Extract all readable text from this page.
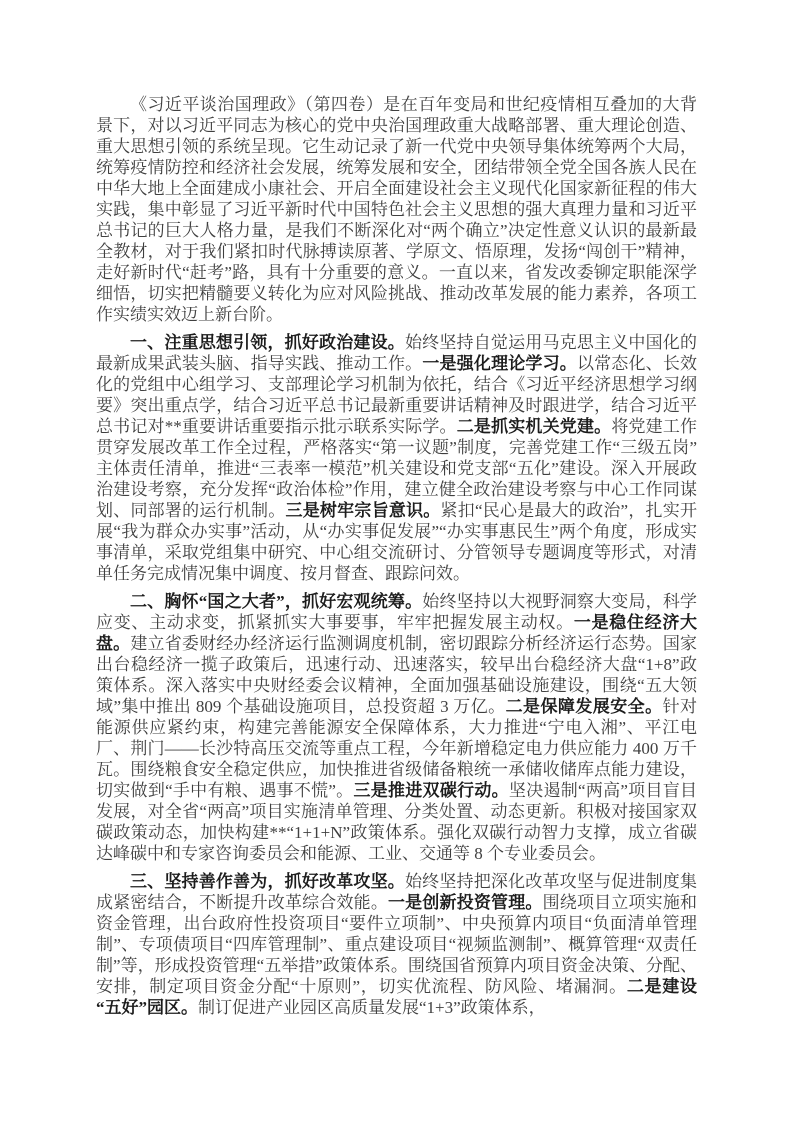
《习近平谈治国理政》（第四卷）是在百年变局和世纪疫情相互叠加的大背景下，对以习近平同志为核心的党中央治国理政重大战略部署、重大理论创造、重大思想引领的系统呈现。它生动记录了新一代党中央领导集体统筹两个大局，统筹疫情防控和经济社会发展，统筹发展和安全，团结带领全党全国各族人民在中华大地上全面建成小康社会、开启全面建设社会主义现代化国家新征程的伟大实践，集中彰显了习近平新时代中国特色社会主义思想的强大真理力量和习近平总书记的巨大人格力量，是我们不断深化对“两个确立”决定性意义认识的最新最全教材，对于我们紧扣时代脉搏读原著、学原文、悟原理，发扬“闯创干”精神，走好新时代“赶考”路，具有十分重要的意义。一直以来，省发改委铆定职能深学细悟，切实把精髓要义转化为应对风险挑战、推动改革发展的能力素养，各项工作实绩实效迈上新台阶。

一、注重思想引领，抓好政治建设。始终坚持自觉运用马克思主义中国化的最新成果武装头脑、指导实践、推动工作。一是强化理论学习。以常态化、长效化的党组中心组学习、支部理论学习机制为依托，结合《习近平经济思想学习纲要》突出重点学，结合习近平总书记最新重要讲话精神及时跟进学，结合习近平总书记对**重要讲话重要指示批示联系实际学。二是抓实机关党建。将党建工作贯穿发展改革工作全过程，严格落实“第一议题”制度，完善党建工作“三级五岗”主体责任清单，推进“三表率一模范”机关建设和党支部“五化”建设。深入开展政治建设考察，充分发挥“政治体检”作用，建立健全政治建设考察与中心工作同谋划、同部署的运行机制。三是树牢宗旨意识。紧扣“民心是最大的政治”，扎实开展“我为群众办实事”活动，从“办实事促发展”“办实事惠民生”两个角度，形成实事清单，采取党组集中研究、中心组交流研讨、分管领导专题调度等形式，对清单任务完成情况集中调度、按月督查、跟踪问效。

二、胸怀“国之大者”，抓好宏观统筹。始终坚持以大视野洞察大变局，科学应变、主动求变，抓紧抓实大事要事，牢牢把握发展主动权。一是稳住经济大盘。建立省委财经办经济运行监测调度机制，密切跟踪分析经济运行态势。国家出台稳经济一揽子政策后，迅速行动、迅速落实，较早出台稳经济大盘“1+8”政策体系。深入落实中央财经委会议精神，全面加强基础设施建设，围绕“五大领域”集中推出 809 个基础设施项目，总投资超 3 万亿。二是保障发展安全。针对能源供应紧约束，构建完善能源安全保障体系，大力推进“宁电入湘”、平江电厂、荆门——长沙特高压交流等重点工程，今年新增稳定电力供应能力 400 万千瓦。围绕粮食安全稳定供应，加快推进省级储备粮统一承储收储库点能力建设，切实做到“手中有粮、遇事不慌”。三是推进双碳行动。坚决遏制“两高”项目盲目发展，对全省“两高”项目实施清单管理、分类处置、动态更新。积极对接国家双碳政策动态，加快构建**“1+1+N”政策体系。强化双碳行动智力支撑，成立省碳达峰碳中和专家咨询委员会和能源、工业、交通等 8 个专业委员会。

三、坚持善作善为，抓好改革攻坚。始终坚持把深化改革攻坚与促进制度集成紧密结合，不断提升改革综合效能。一是创新投资管理。围绕项目立项实施和资金管理，出台政府性投资项目“要件立项制”、中央预算内项目“负面清单管理制”、专项债项目“四库管理制”、重点建设项目“视频监测制”、概算管理“双责任制”等，形成投资管理“五举措”政策体系。围绕国省预算内项目资金决策、分配、安排，制定项目资金分配“十原则”，切实优流程、防风险、堵漏洞。二是建设“五好”园区。制订促进产业园区高质量发展“1+3”政策体系，
